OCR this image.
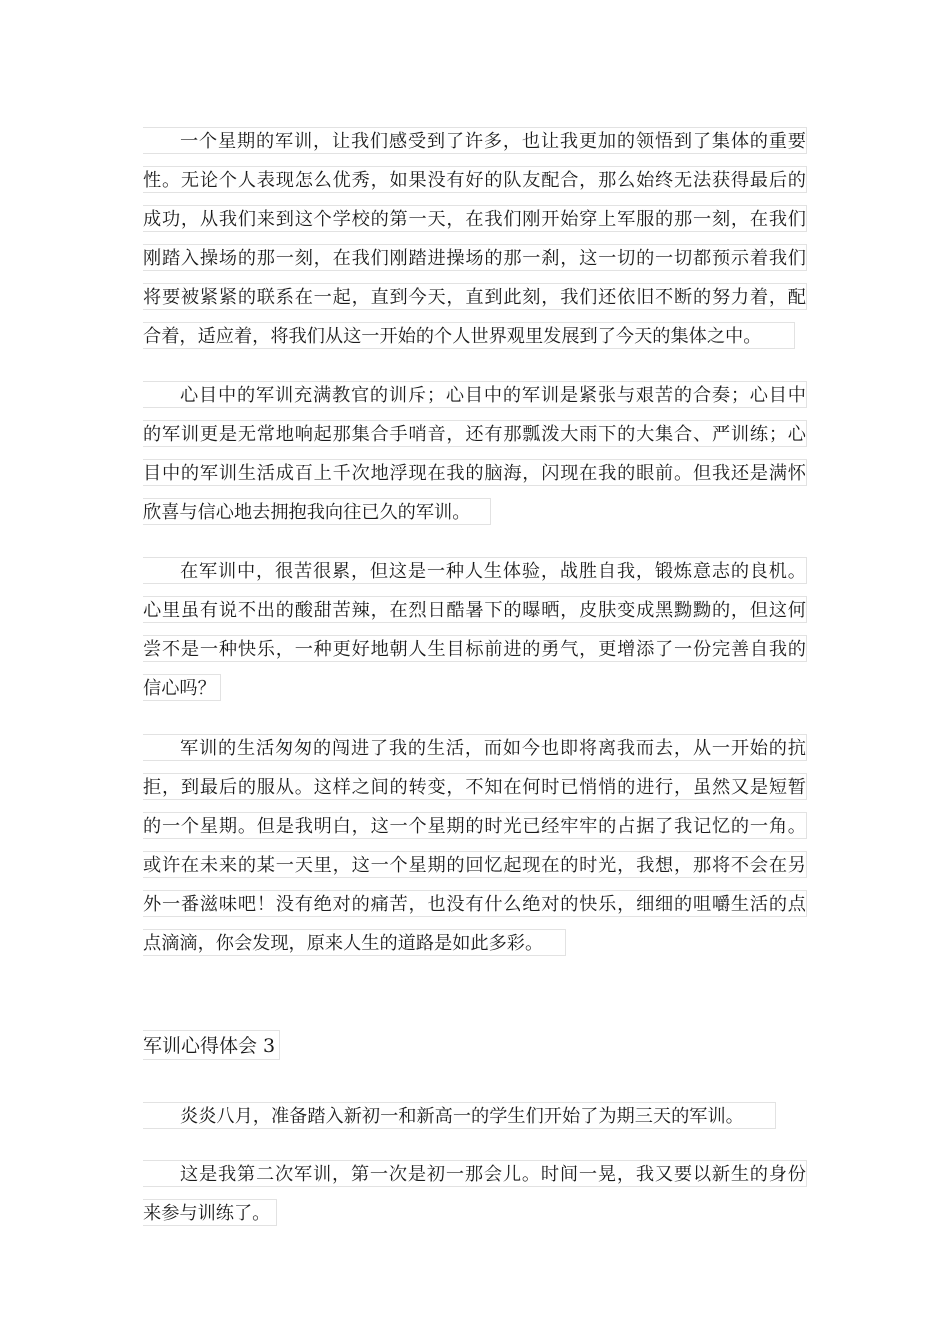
一个星期的军训，让我们感受到了许多，也让我更加的领悟到了集体的重要
性。无论个人表现怎么优秀，如果没有好的队友配合，那么始终无法获得最后的
成功，从我们来到这个学校的第一天，在我们刚开始穿上军服的那一刻，在我们
刚踏入操场的那一刻，在我们刚踏进操场的那一刹，这一切的一切都预示着我们
将要被紧紧的联系在一起，直到今天，直到此刻，我们还依旧不断的努力着，配
合着，适应着，将我们从这一开始的个人世界观里发展到了今天的集体之中。
心目中的军训充满教官的训斥；心目中的军训是紧张与艰苦的合奏；心目中
的军训更是无常地响起那集合手哨音，还有那瓢泼大雨下的大集合、严训练；心
目中的军训生活成百上千次地浮现在我的脑海，闪现在我的眼前。但我还是满怀
欣喜与信心地去拥抱我向往已久的军训。
在军训中，很苦很累，但这是一种人生体验，战胜自我，锻炼意志的良机。
心里虽有说不出的酸甜苦辣，在烈日酷暑下的曝晒，皮肤变成黑黝黝的，但这何
尝不是一种快乐，一种更好地朝人生目标前进的勇气，更增添了一份完善自我的
信心吗？
军训的生活匆匆的闯进了我的生活，而如今也即将离我而去，从一开始的抗
拒，到最后的服从。这样之间的转变，不知在何时已悄悄的进行，虽然又是短暂
的一个星期。但是我明白，这一个星期的时光已经牢牢的占据了我记忆的一角。
或许在未来的某一天里，这一个星期的回忆起现在的时光，我想，那将不会在另
外一番滋味吧！没有绝对的痛苦，也没有什么绝对的快乐，细细的咀嚼生活的点
点滴滴，你会发现，原来人生的道路是如此多彩。
军训心得体会 3
炎炎八月，准备踏入新初一和新高一的学生们开始了为期三天的军训。
这是我第二次军训，第一次是初一那会儿。时间一晃，我又要以新生的身份
来参与训练了。
